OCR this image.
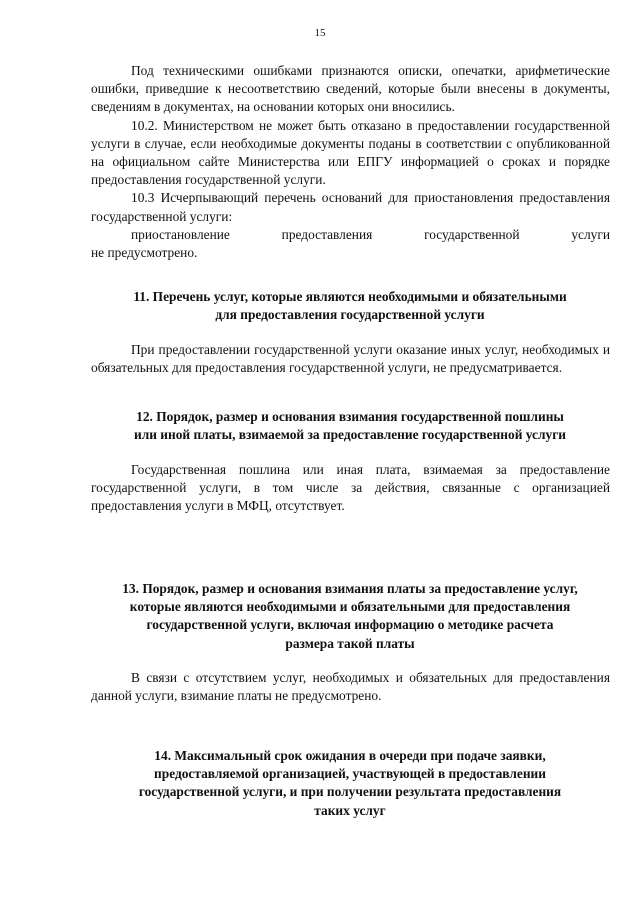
15

Под техническими ошибками признаются описки, опечатки, арифметические ошибки, приведшие к несоответствию сведений, которые были внесены в документы, сведениям в документах, на основании которых они вносились.

10.2. Министерством не может быть отказано в предоставлении государственной услуги в случае, если необходимые документы поданы в соответствии с опубликованной на официальном сайте Министерства или ЕПГУ информацией о сроках и порядке предоставления государственной услуги.

10.3 Исчерпывающий перечень оснований для приостановления предоставления государственной услуги:

приостановление предоставления государственной услуги

не предусмотрено.

11. Перечень услуг, которые являются необходимыми и обязательными
для предоставления государственной услуги

При предоставлении государственной услуги оказание иных услуг, необходимых и обязательных для предоставления государственной услуги, не предусматривается.

12. Порядок, размер и основания взимания государственной пошлины
или иной платы, взимаемой за предоставление государственной услуги

Государственная пошлина или иная плата, взимаемая за предоставление государственной услуги, в том числе за действия, связанные с организацией предоставления услуги в МФЦ, отсутствует.

13. Порядок, размер и основания взимания платы за предоставление услуг,
которые являются необходимыми и обязательными для предоставления
государственной услуги, включая информацию о методике расчета
размера такой платы

В связи с отсутствием услуг, необходимых и обязательных для предоставления данной услуги, взимание платы не предусмотрено.

14. Максимальный срок ожидания в очереди при подаче заявки,
предоставляемой организацией, участвующей в предоставлении
государственной услуги, и при получении результата предоставления
таких услуг
